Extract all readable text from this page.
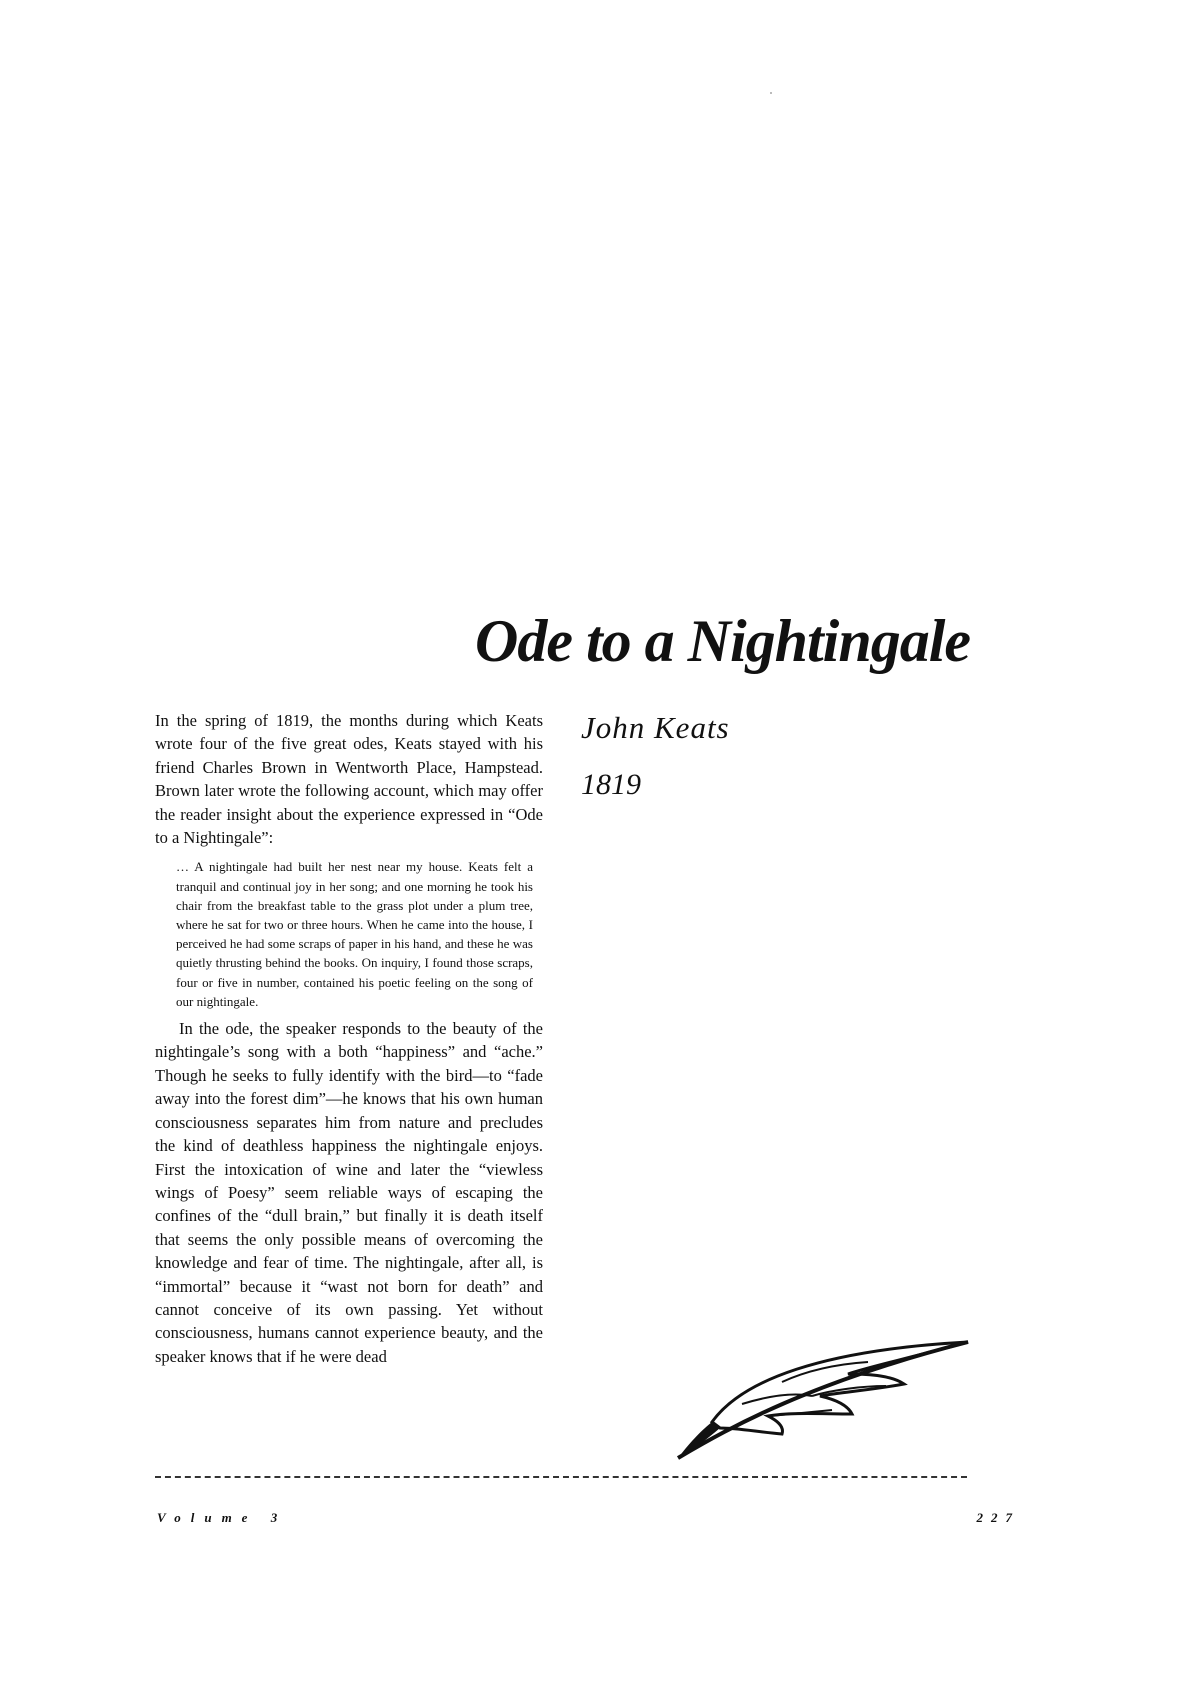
Ode to a Nightingale
John Keats
1819

In the spring of 1819, the months during which Keats wrote four of the five great odes, Keats stayed with his friend Charles Brown in Wentworth Place, Hampstead. Brown later wrote the following account, which may offer the reader insight about the experience expressed in “Ode to a Nightingale”:

… A nightingale had built her nest near my house. Keats felt a tranquil and continual joy in her song; and one morning he took his chair from the breakfast table to the grass plot under a plum tree, where he sat for two or three hours. When he came into the house, I perceived he had some scraps of paper in his hand, and these he was quietly thrusting behind the books. On inquiry, I found those scraps, four or five in number, contained his poetic feeling on the song of our nightingale.

In the ode, the speaker responds to the beauty of the nightingale’s song with a both “happiness” and “ache.” Though he seeks to fully identify with the bird—to “fade away into the forest dim”—he knows that his own human consciousness separates him from nature and precludes the kind of deathless happiness the nightingale enjoys. First the intoxication of wine and later the “viewless wings of Poesy” seem reliable ways of escaping the confines of the “dull brain,” but finally it is death itself that seems the only possible means of overcoming the knowledge and fear of time. The nightingale, after all, is “immortal” because it “wast not born for death” and cannot conceive of its own passing. Yet without consciousness, humans cannot experience beauty, and the speaker knows that if he were dead

Volume 3	227
